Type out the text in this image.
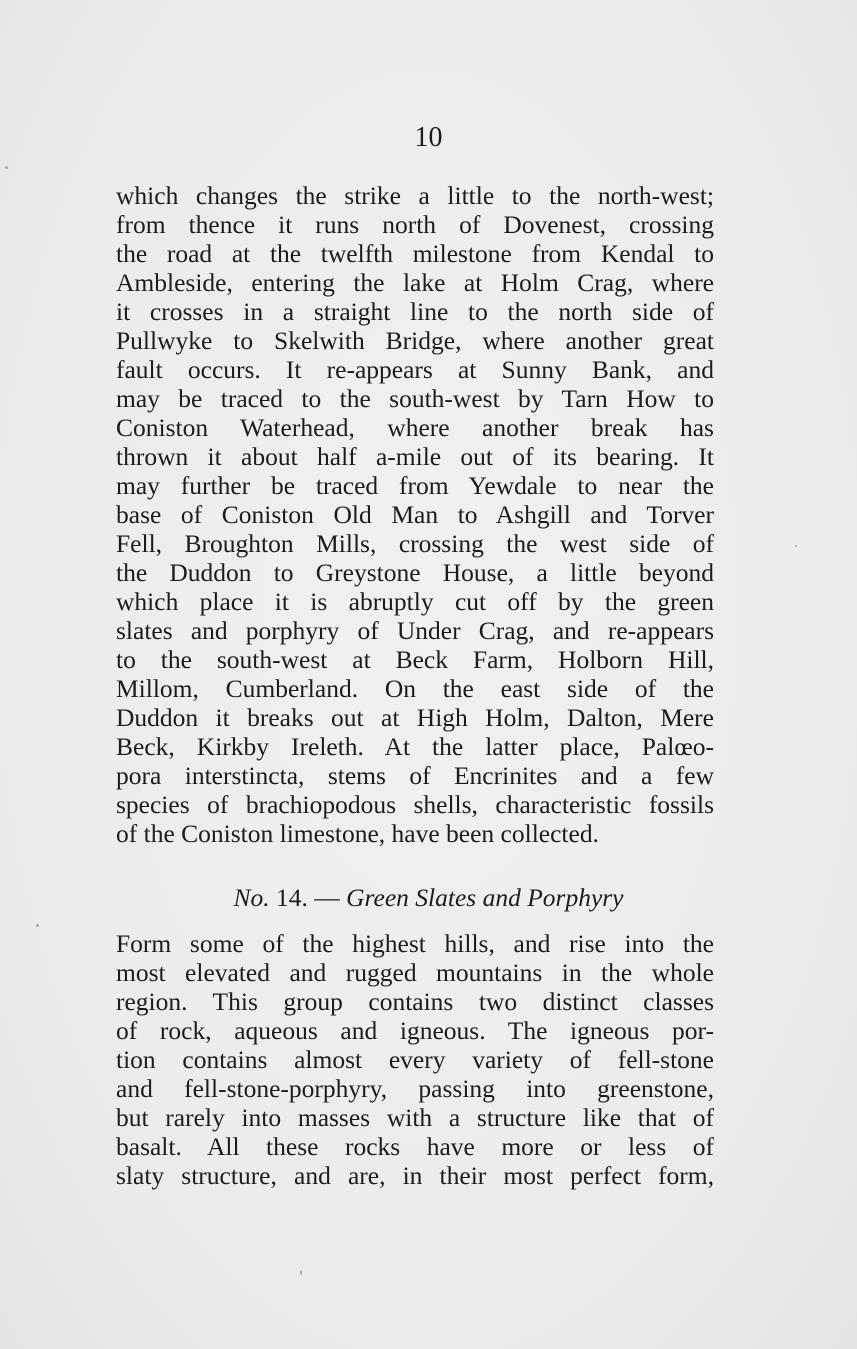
10
which changes the strike a little to the north-west;
from thence it runs north of Dovenest, crossing
the road at the twelfth milestone from Kendal to
Ambleside, entering the lake at Holm Crag, where
it crosses in a straight line to the north side of
Pullwyke to Skelwith Bridge, where another great
fault occurs. It re-appears at Sunny Bank, and
may be traced to the south-west by Tarn How to
Coniston Waterhead, where another break has
thrown it about half a-mile out of its bearing. It
may further be traced from Yewdale to near the
base of Coniston Old Man to Ashgill and Torver
Fell, Broughton Mills, crossing the west side of
the Duddon to Greystone House, a little beyond
which place it is abruptly cut off by the green
slates and porphyry of Under Crag, and re-appears
to the south-west at Beck Farm, Holborn Hill,
Millom, Cumberland. On the east side of the
Duddon it breaks out at High Holm, Dalton, Mere
Beck, Kirkby Ireleth. At the latter place, Palœo-
pora interstincta, stems of Encrinites and a few
species of brachiopodous shells, characteristic fossils
of the Coniston limestone, have been collected.
No. 14. — Green Slates and Porphyry
Form some of the highest hills, and rise into the
most elevated and rugged mountains in the whole
region. This group contains two distinct classes
of rock, aqueous and igneous. The igneous por-
tion contains almost every variety of fell-stone
and fell-stone-porphyry, passing into greenstone,
but rarely into masses with a structure like that of
basalt. All these rocks have more or less of
slaty structure, and are, in their most perfect form,
